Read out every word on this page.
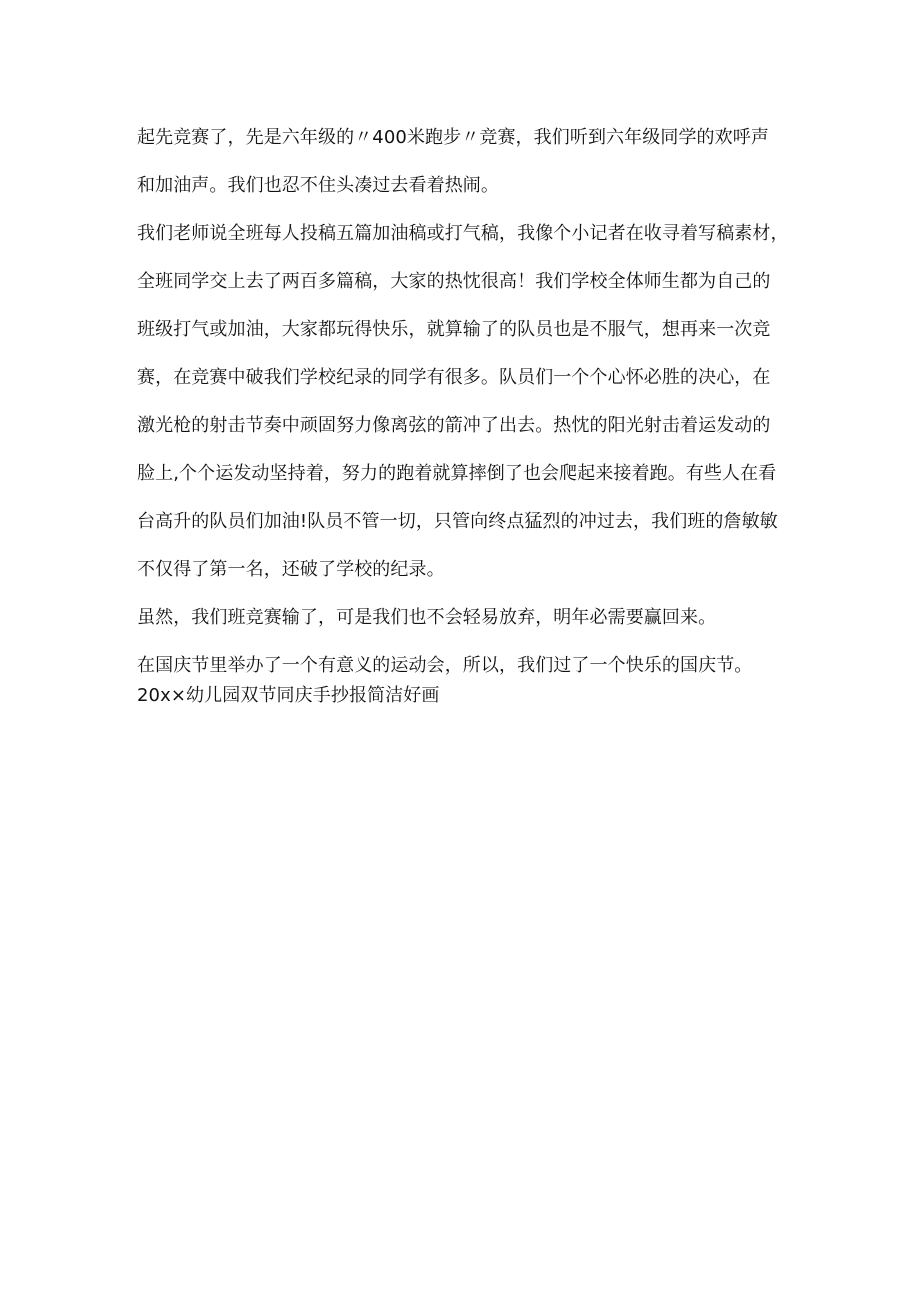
起先竞赛了，先是六年级的〃400米跑步〃竞赛，我们听到六年级同学的欢呼声
和加油声。我们也忍不住头凑过去看着热闹。
我们老师说全班每人投稿五篇加油稿或打气稿，我像个小记者在收寻着写稿素材，
全班同学交上去了两百多篇稿，大家的热忱很高！我们学校全体师生都为自己的
班级打气或加油，大家都玩得快乐，就算输了的队员也是不服气，想再来一次竞
赛，在竞赛中破我们学校纪录的同学有很多。队员们一个个心怀必胜的决心，在
激光枪的射击节奏中顽固努力像离弦的箭冲了出去。热忱的阳光射击着运发动的
脸上,个个运发动坚持着，努力的跑着就算摔倒了也会爬起来接着跑。有些人在看
台高升的队员们加油!队员不管一切，只管向终点猛烈的冲过去，我们班的詹敏敏
不仅得了第一名，还破了学校的纪录。
虽然，我们班竞赛输了，可是我们也不会轻易放弃，明年必需要赢回来。
在国庆节里举办了一个有意义的运动会，所以，我们过了一个快乐的国庆节。
20x×幼儿园双节同庆手抄报简洁好画
